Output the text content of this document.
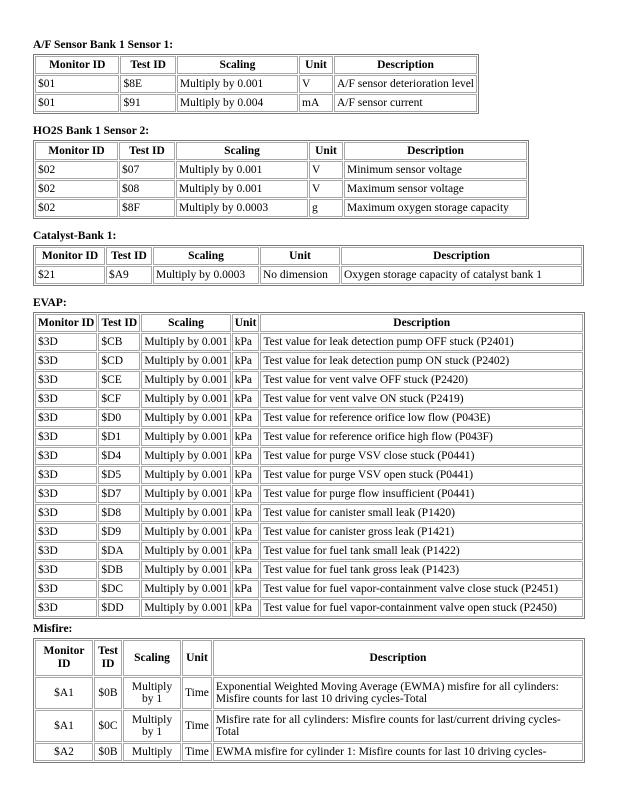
A/F Sensor Bank 1 Sensor 1:
Monitor ID	Test ID	Scaling	Unit	Description
$01	$8E	Multiply by 0.001	V	A/F sensor deterioration level
$01	$91	Multiply by 0.004	mA	A/F sensor current
HO2S Bank 1 Sensor 2:
Monitor ID	Test ID	Scaling	Unit	Description
$02	$07	Multiply by 0.001	V	Minimum sensor voltage
$02	$08	Multiply by 0.001	V	Maximum sensor voltage
$02	$8F	Multiply by 0.0003	g	Maximum oxygen storage capacity
Catalyst-Bank 1:
Monitor ID	Test ID	Scaling	Unit	Description
$21	$A9	Multiply by 0.0003	No dimension	Oxygen storage capacity of catalyst bank 1
EVAP:
Monitor ID	Test ID	Scaling	Unit	Description
$3D	$CB	Multiply by 0.001	kPa	Test value for leak detection pump OFF stuck (P2401)
$3D	$CD	Multiply by 0.001	kPa	Test value for leak detection pump ON stuck (P2402)
$3D	$CE	Multiply by 0.001	kPa	Test value for vent valve OFF stuck (P2420)
$3D	$CF	Multiply by 0.001	kPa	Test value for vent valve ON stuck (P2419)
$3D	$D0	Multiply by 0.001	kPa	Test value for reference orifice low flow (P043E)
$3D	$D1	Multiply by 0.001	kPa	Test value for reference orifice high flow (P043F)
$3D	$D4	Multiply by 0.001	kPa	Test value for purge VSV close stuck (P0441)
$3D	$D5	Multiply by 0.001	kPa	Test value for purge VSV open stuck (P0441)
$3D	$D7	Multiply by 0.001	kPa	Test value for purge flow insufficient (P0441)
$3D	$D8	Multiply by 0.001	kPa	Test value for canister small leak (P1420)
$3D	$D9	Multiply by 0.001	kPa	Test value for canister gross leak (P1421)
$3D	$DA	Multiply by 0.001	kPa	Test value for fuel tank small leak (P1422)
$3D	$DB	Multiply by 0.001	kPa	Test value for fuel tank gross leak (P1423)
$3D	$DC	Multiply by 0.001	kPa	Test value for fuel vapor-containment valve close stuck (P2451)
$3D	$DD	Multiply by 0.001	kPa	Test value for fuel vapor-containment valve open stuck (P2450)
Misfire:
Monitor ID	Test ID	Scaling	Unit	Description
$A1	$0B	Multiply by 1	Time	Exponential Weighted Moving Average (EWMA) misfire for all cylinders: Misfire counts for last 10 driving cycles-Total
$A1	$0C	Multiply by 1	Time	Misfire rate for all cylinders: Misfire counts for last/current driving cycles-Total
$A2	$0B	Multiply	Time	EWMA misfire for cylinder 1: Misfire counts for last 10 driving cycles-
